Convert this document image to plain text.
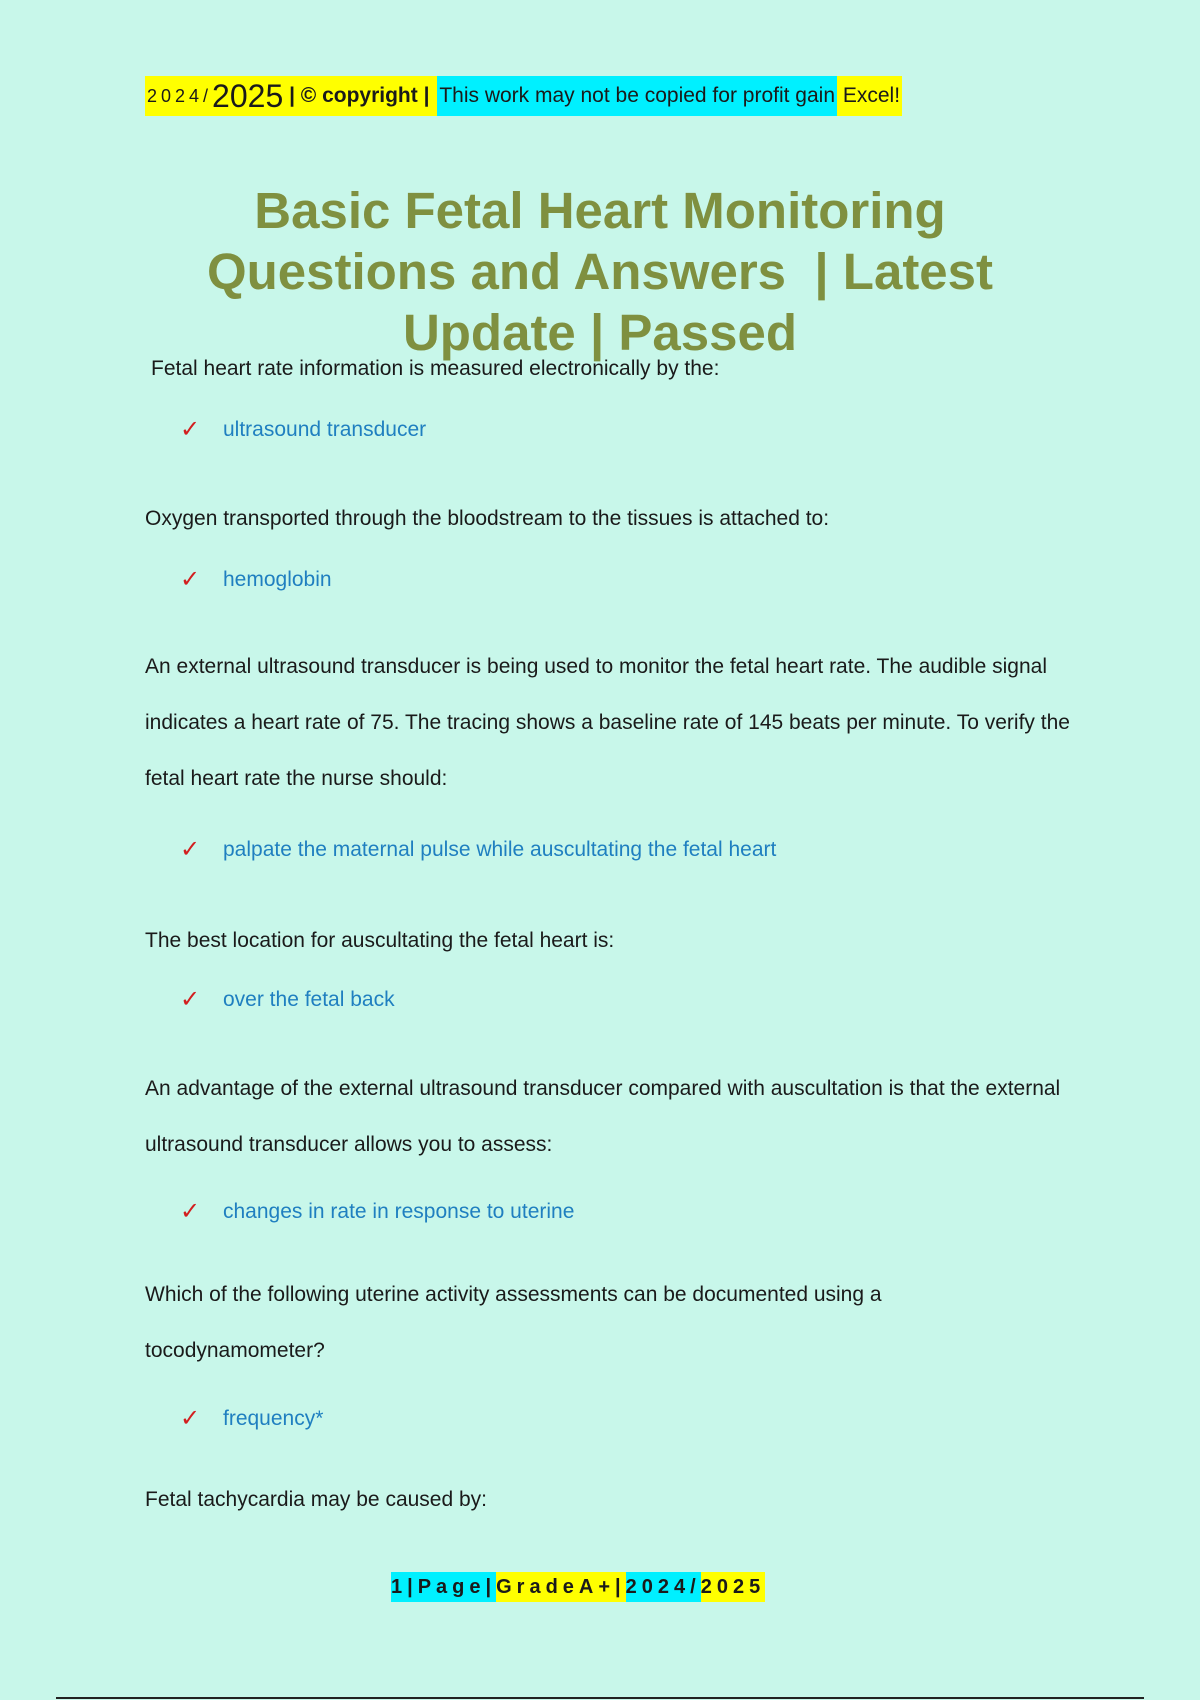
2024/ 2025 | © copyright | This work may not be copied for profit gain Excel!
Basic Fetal Heart Monitoring
Questions and Answers  | Latest
Update | Passed
Fetal heart rate information is measured electronically by the:
✓	ultrasound transducer
Oxygen transported through the bloodstream to the tissues is attached to:
✓	hemoglobin
An external ultrasound transducer is being used to monitor the fetal heart rate. The audible signal indicates a heart rate of 75. The tracing shows a baseline rate of 145 beats per minute. To verify the fetal heart rate the nurse should:
✓	palpate the maternal pulse while auscultating the fetal heart
The best location for auscultating the fetal heart is:
✓	over the fetal back
An advantage of the external ultrasound transducer compared with auscultation is that the external ultrasound transducer allows you to assess:
✓	changes in rate in response to uterine
Which of the following uterine activity assessments can be documented using a tocodynamometer?
✓	frequency*
Fetal tachycardia may be caused by:
1|Page| GradeA+| 2024/ 2025
